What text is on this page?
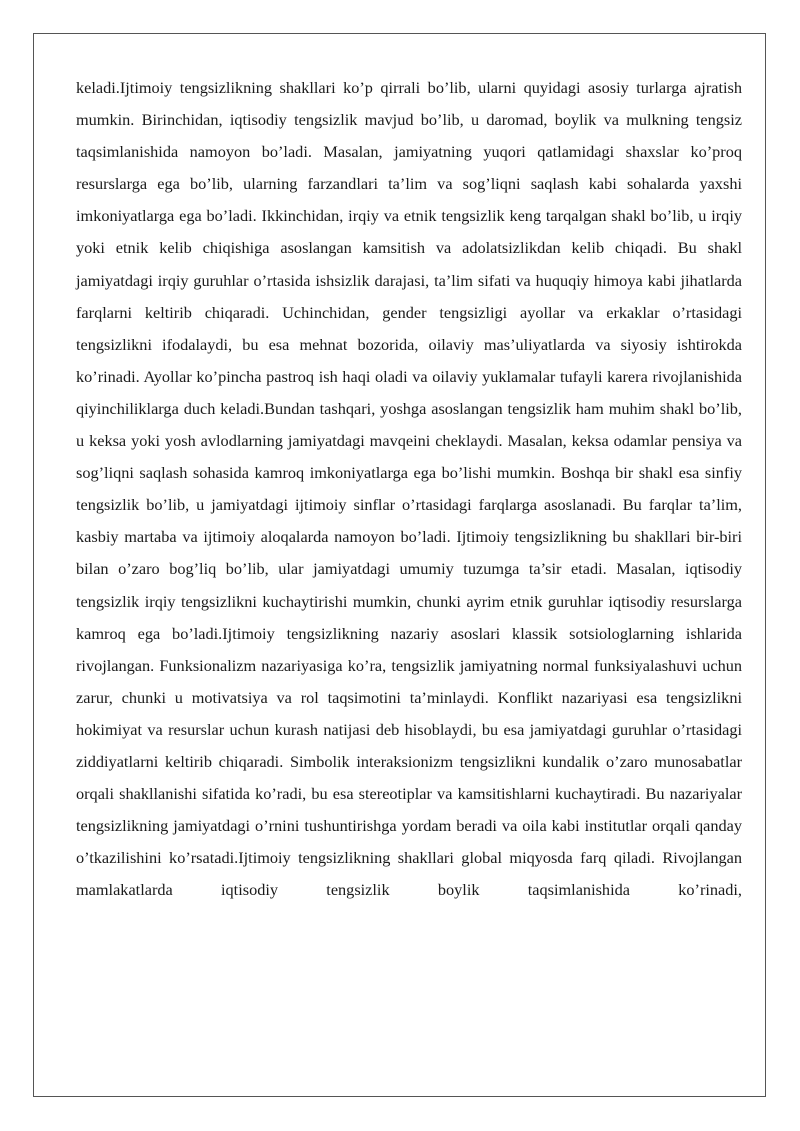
keladi.Ijtimoiy tengsizlikning shakllari ko’p qirrali bo’lib, ularni quyidagi asosiy turlarga ajratish mumkin. Birinchidan, iqtisodiy tengsizlik mavjud bo’lib, u daromad, boylik va mulkning tengsiz taqsimlanishida namoyon bo’ladi. Masalan, jamiyatning yuqori qatlamidagi shaxslar ko’proq resurslarga ega bo’lib, ularning farzandlari ta’lim va sog’liqni saqlash kabi sohalarda yaxshi imkoniyatlarga ega bo’ladi. Ikkinchidan, irqiy va etnik tengsizlik keng tarqalgan shakl bo’lib, u irqiy yoki etnik kelib chiqishiga asoslangan kamsitish va adolatsizlikdan kelib chiqadi. Bu shakl jamiyatdagi irqiy guruhlar o’rtasida ishsizlik darajasi, ta’lim sifati va huquqiy himoya kabi jihatlarda farqlarni keltirib chiqaradi. Uchinchidan, gender tengsizligi ayollar va erkaklar o’rtasidagi tengsizlikni ifodalaydi, bu esa mehnat bozorida, oilaviy mas’uliyatlarda va siyosiy ishtirokda ko’rinadi. Ayollar ko’pincha pastroq ish haqi oladi va oilaviy yuklamalar tufayli karera rivojlanishida qiyinchiliklarga duch keladi.Bundan tashqari, yoshga asoslangan tengsizlik ham muhim shakl bo’lib, u keksa yoki yosh avlodlarning jamiyatdagi mavqeini cheklaydi. Masalan, keksa odamlar pensiya va sog’liqni saqlash sohasida kamroq imkoniyatlarga ega bo’lishi mumkin. Boshqa bir shakl esa sinfiy tengsizlik bo’lib, u jamiyatdagi ijtimoiy sinflar o’rtasidagi farqlarga asoslanadi. Bu farqlar ta’lim, kasbiy martaba va ijtimoiy aloqalarda namoyon bo’ladi. Ijtimoiy tengsizlikning bu shakllari bir-biri bilan o’zaro bog’liq bo’lib, ular jamiyatdagi umumiy tuzumga ta’sir etadi. Masalan, iqtisodiy tengsizlik irqiy tengsizlikni kuchaytirishi mumkin, chunki ayrim etnik guruhlar iqtisodiy resurslarga kamroq ega bo’ladi.Ijtimoiy tengsizlikning nazariy asoslari klassik sotsiologlarning ishlarida rivojlangan. Funksionalizm nazariyasiga ko’ra, tengsizlik jamiyatning normal funksiyalashuvi uchun zarur, chunki u motivatsiya va rol taqsimotini ta’minlaydi. Konflikt nazariyasi esa tengsizlikni hokimiyat va resurslar uchun kurash natijasi deb hisoblaydi, bu esa jamiyatdagi guruhlar o’rtasidagi ziddiyatlarni keltirib chiqaradi. Simbolik interaksionizm tengsizlikni kundalik o’zaro munosabatlar orqali shakllanishi sifatida ko’radi, bu esa stereotiplar va kamsitishlarni kuchaytiradi. Bu nazariyalar tengsizlikning jamiyatdagi o’rnini tushuntirishga yordam beradi va oila kabi institutlar orqali qanday o’tkazilishini ko’rsatadi.Ijtimoiy tengsizlikning shakllari global miqyosda farq qiladi. Rivojlangan mamlakatlarda iqtisodiy tengsizlik boylik taqsimlanishida ko’rinadi,
